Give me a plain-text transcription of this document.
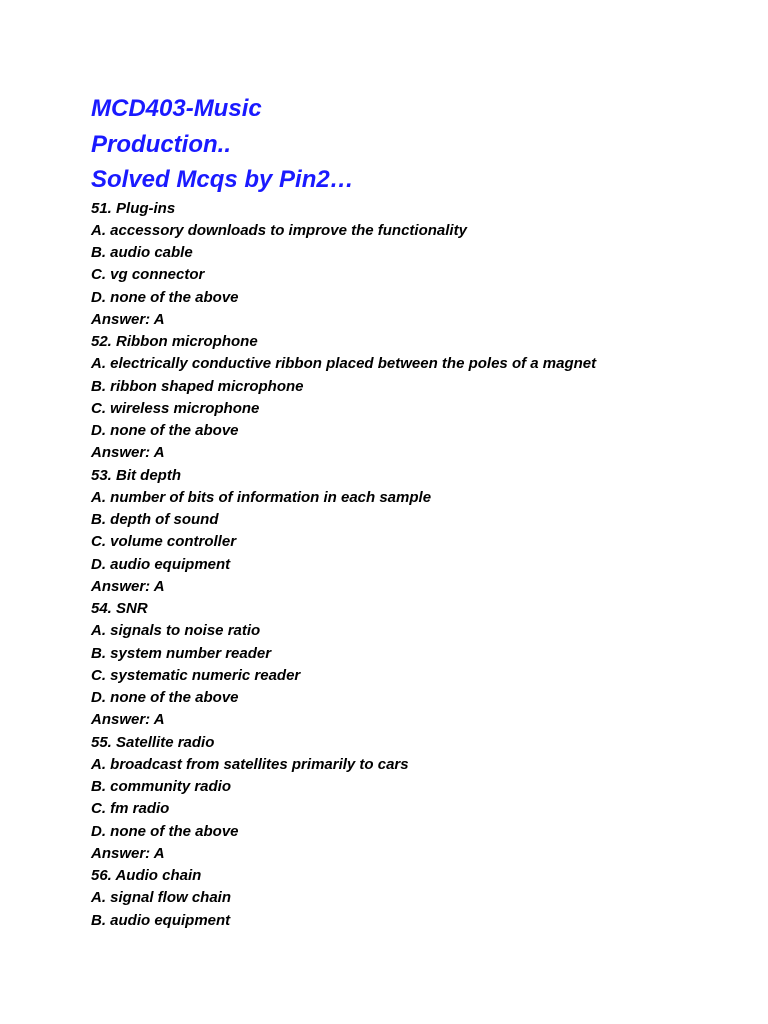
MCD403-Music
Production..
Solved Mcqs by Pin2…
51. Plug-ins
A. accessory downloads to improve the functionality
B. audio cable
C. vg connector
D. none of the above
Answer: A
52. Ribbon microphone
A. electrically conductive ribbon placed between the poles of a magnet
B. ribbon shaped microphone
C. wireless microphone
D. none of the above
Answer: A
53. Bit depth
A. number of bits of information in each sample
B. depth of sound
C. volume controller
D. audio equipment
Answer: A
54. SNR
A. signals to noise ratio
B. system number reader
C. systematic numeric reader
D. none of the above
Answer: A
55. Satellite radio
A. broadcast from satellites primarily to cars
B. community radio
C. fm radio
D. none of the above
Answer: A
56. Audio chain
A. signal flow chain
B. audio equipment
